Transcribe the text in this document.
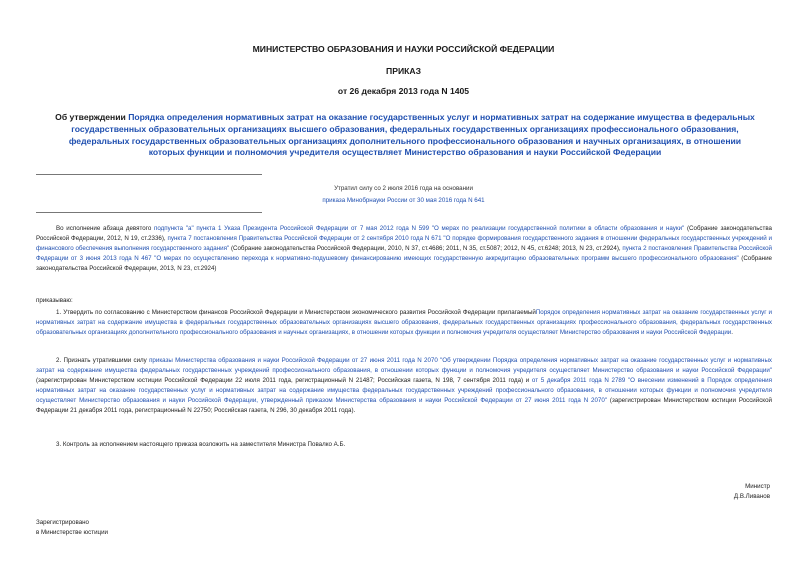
МИНИСТЕРСТВО ОБРАЗОВАНИЯ И НАУКИ РОССИЙСКОЙ ФЕДЕРАЦИИ
ПРИКАЗ
от 26 декабря 2013 года N 1405
Об утверждении Порядка определения нормативных затрат на оказание государственных услуг и нормативных затрат на содержание имущества в федеральных государственных образовательных организациях высшего образования, федеральных государственных организациях профессионального образования, федеральных государственных образовательных организациях дополнительного профессионального образования и научных организациях, в отношении которых функции и полномочия учредителя осуществляет Министерство образования и науки Российской Федерации
Утратил силу со 2 июля 2016 года на основании
приказа Минобрнауки России от 30 мая 2016 года N 641
Во исполнение абзаца девятого подпункта "а" пункта 1 Указа Президента Российской Федерации от 7 мая 2012 года N 599 "О мерах по реализации государственной политики в области образования и науки" (Собрание законодательства Российской Федерации, 2012, N 19, ст.2336), пункта 7 постановления Правительства Российской Федерации от 2 сентября 2010 года N 671 "О порядке формирования государственного задания в отношении федеральных государственных учреждений и финансового обеспечения выполнения государственного задания" (Собрание законодательства Российской Федерации, 2010, N 37, ст.4686; 2011, N 35, ст.5087; 2012, N 45, ст.6248; 2013, N 23, ст.2924), пункта 2 постановления Правительства Российской Федерации от 3 июня 2013 года N 467 "О мерах по осуществлению перехода к нормативно-подушевому финансированию имеющих государственную аккредитацию образовательных программ высшего профессионального образования" (Собрание законодательства Российской Федерации, 2013, N 23, ст.2924)
приказываю:
1. Утвердить по согласованию с Министерством финансов Российской Федерации и Министерством экономического развития Российской Федерации прилагаемыйПорядок определения нормативных затрат на оказание государственных услуг и нормативных затрат на содержание имущества в федеральных государственных образовательных организациях высшего образования, федеральных государственных организациях профессионального образования, федеральных государственных образовательных организациях дополнительного профессионального образования и научных организациях, в отношении которых функции и полномочия учредителя осуществляет Министерство образования и науки Российской Федерации.
2. Признать утратившими силу приказы Министерства образования и науки Российской Федерации от 27 июня 2011 года N 2070 "Об утверждении Порядка определения нормативных затрат на оказание государственных услуг и нормативных затрат на содержание имущества федеральных государственных учреждений профессионального образования, в отношении которых функции и полномочия учредителя осуществляет Министерство образования и науки Российской Федерации" (зарегистрирован Министерством юстиции Российской Федерации 22 июля 2011 года, регистрационный N 21487; Российская газета, N 198, 7 сентября 2011 года) и от 5 декабря 2011 года N 2789 "О внесении изменений в Порядок определения нормативных затрат на оказание государственных услуг и нормативных затрат на содержание имущества федеральных государственных учреждений профессионального образования, в отношении которых функции и полномочия учредителя осуществляет Министерство образования и науки Российской Федерации, утвержденный приказом Министерства образования и науки Российской Федерации от 27 июня 2011 года N 2070" (зарегистрирован Министерством юстиции Российской Федерации 21 декабря 2011 года, регистрационный N 22750; Российская газета, N 296, 30 декабря 2011 года).
3. Контроль за исполнением настоящего приказа возложить на заместителя Министра Повалко А.Б.
Министр
Д.В.Ливанов
Зарегистрировано
в Министерстве юстиции
